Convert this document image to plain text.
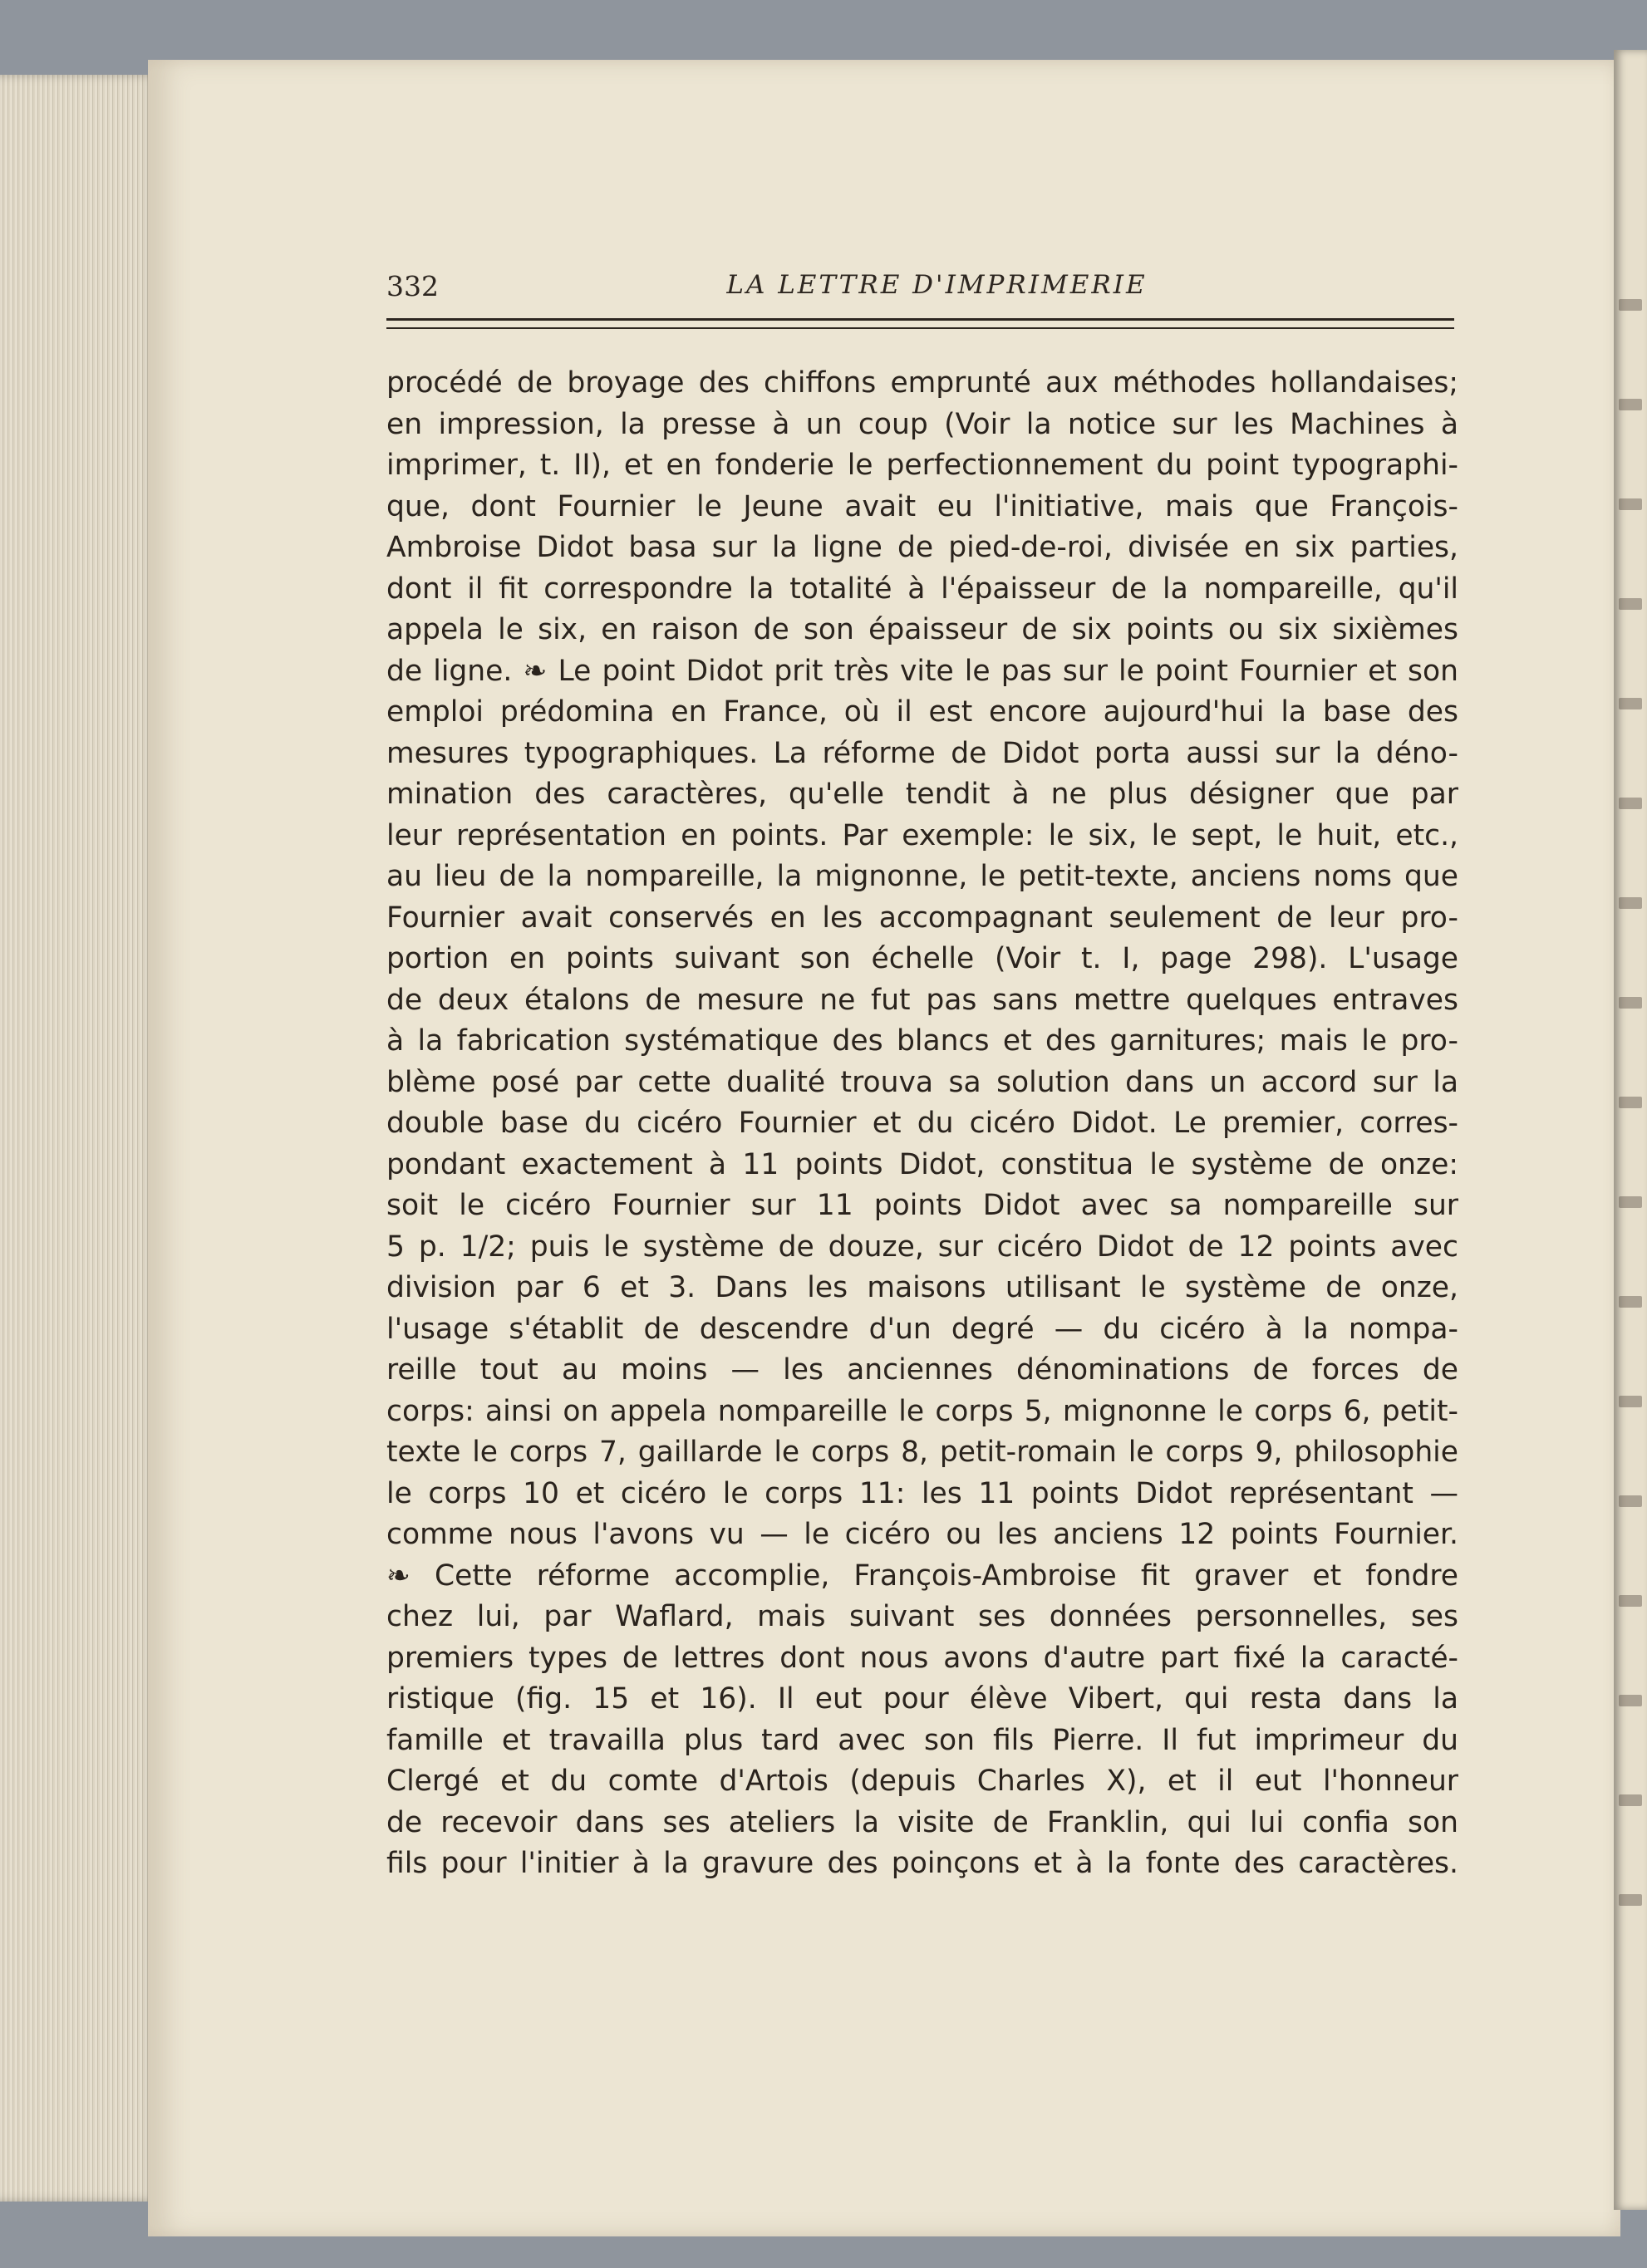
332	LA LETTRE D'IMPRIMERIE
procédé de broyage des chiffons emprunté aux méthodes hollandaises;
en impression, la presse à un coup (Voir la notice sur les Machines à
imprimer, t. II), et en fonderie le perfectionnement du point typographi-
que, dont Fournier le Jeune avait eu l'initiative, mais que François-
Ambroise Didot basa sur la ligne de pied-de-roi, divisée en six parties,
dont il fit correspondre la totalité à l'épaisseur de la nompareille, qu'il
appela le six, en raison de son épaisseur de six points ou six sixièmes
de ligne. ❧ Le point Didot prit très vite le pas sur le point Fournier et son
emploi prédomina en France, où il est encore aujourd'hui la base des
mesures typographiques. La réforme de Didot porta aussi sur la déno-
mination des caractères, qu'elle tendit à ne plus désigner que par
leur représentation en points. Par exemple: le six, le sept, le huit, etc.,
au lieu de la nompareille, la mignonne, le petit-texte, anciens noms que
Fournier avait conservés en les accompagnant seulement de leur pro-
portion en points suivant son échelle (Voir t. I, page 298). L'usage
de deux étalons de mesure ne fut pas sans mettre quelques entraves
à la fabrication systématique des blancs et des garnitures; mais le pro-
blème posé par cette dualité trouva sa solution dans un accord sur la
double base du cicéro Fournier et du cicéro Didot. Le premier, corres-
pondant exactement à 11 points Didot, constitua le système de onze:
soit le cicéro Fournier sur 11 points Didot avec sa nompareille sur
5 p. 1/2; puis le système de douze, sur cicéro Didot de 12 points avec
division par 6 et 3. Dans les maisons utilisant le système de onze,
l'usage s'établit de descendre d'un degré — du cicéro à la nompa-
reille tout au moins — les anciennes dénominations de forces de
corps: ainsi on appela nompareille le corps 5, mignonne le corps 6, petit-
texte le corps 7, gaillarde le corps 8, petit-romain le corps 9, philosophie
le corps 10 et cicéro le corps 11: les 11 points Didot représentant —
comme nous l'avons vu — le cicéro ou les anciens 12 points Fournier.
❧ Cette réforme accomplie, François-Ambroise fit graver et fondre
chez lui, par Waflard, mais suivant ses données personnelles, ses
premiers types de lettres dont nous avons d'autre part fixé la caracté-
ristique (fig. 15 et 16). Il eut pour élève Vibert, qui resta dans la
famille et travailla plus tard avec son fils Pierre. Il fut imprimeur du
Clergé et du comte d'Artois (depuis Charles X), et il eut l'honneur
de recevoir dans ses ateliers la visite de Franklin, qui lui confia son
fils pour l'initier à la gravure des poinçons et à la fonte des caractères.
